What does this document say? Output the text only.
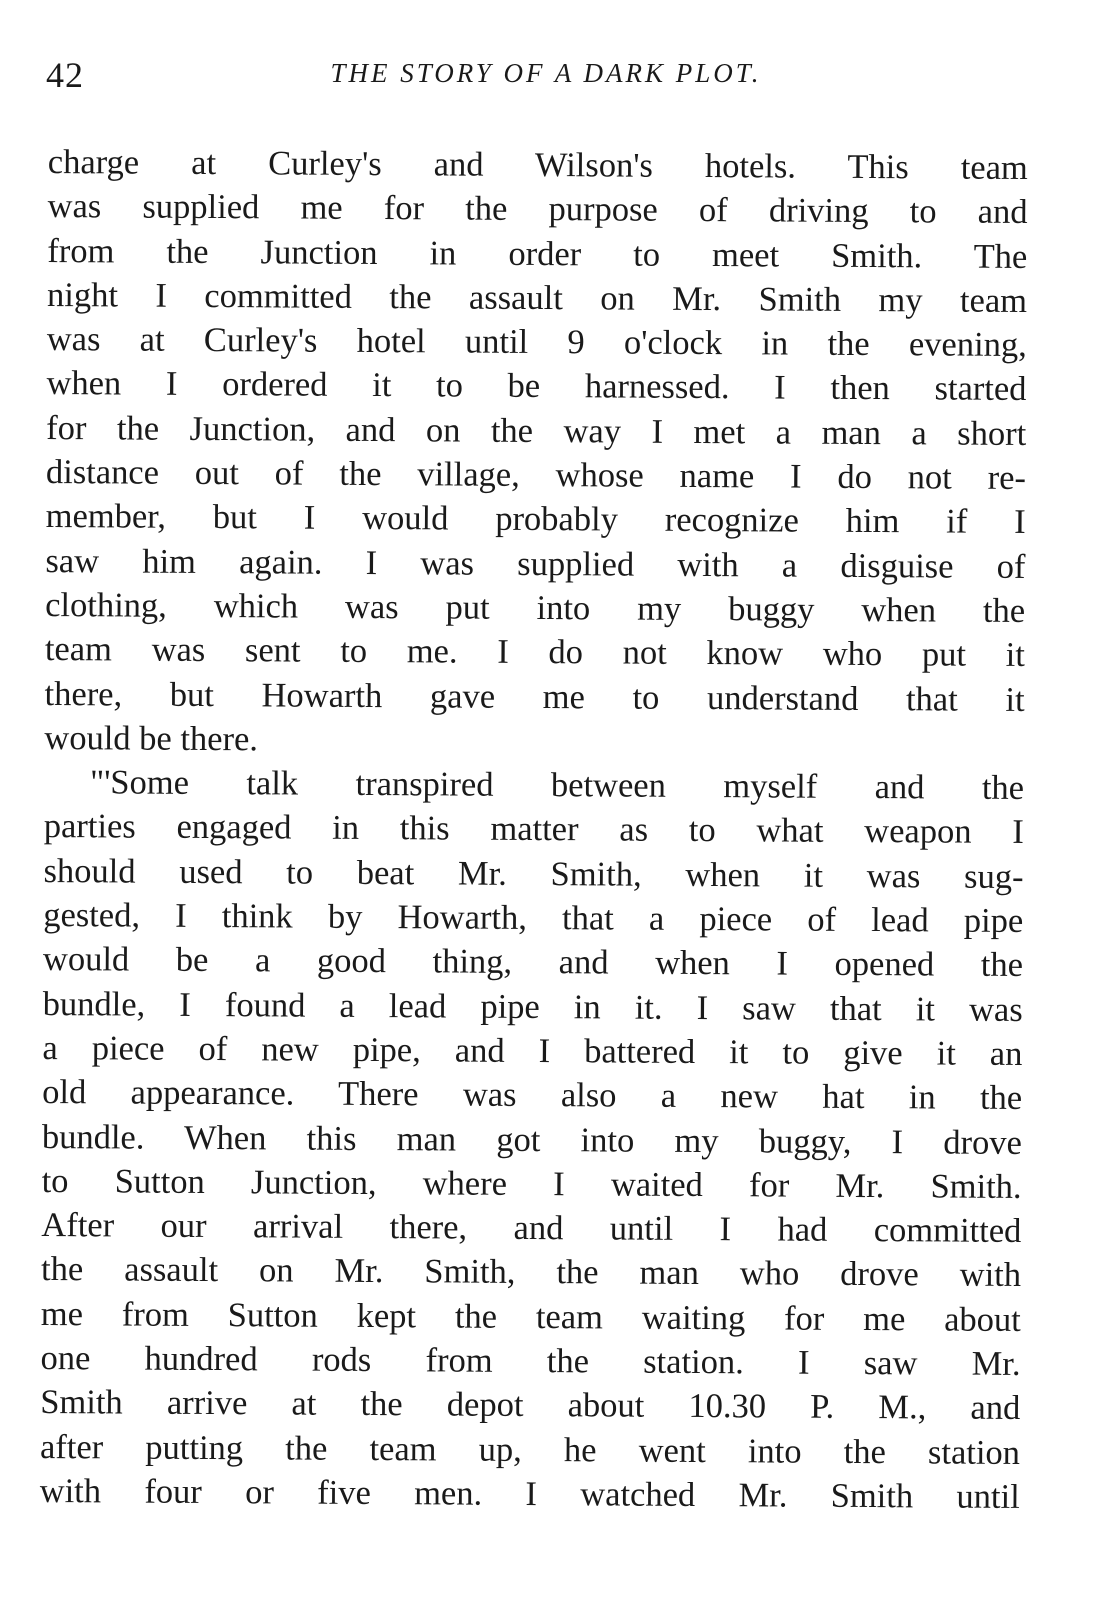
42	THE STORY OF A DARK PLOT.
charge at Curley's and Wilson's hotels. This team
was supplied me for the purpose of driving to and
from the Junction in order to meet Smith. The
night I committed the assault on Mr. Smith my team
was at Curley's hotel until 9 o'clock in the evening,
when I ordered it to be harnessed. I then started
for the Junction, and on the way I met a man a short
distance out of the village, whose name I do not re-
member, but I would probably recognize him if I
saw him again. I was supplied with a disguise of
clothing, which was put into my buggy when the
team was sent to me. I do not know who put it
there, but Howarth gave me to understand that it
would be there.
"'Some talk transpired between myself and the
parties engaged in this matter as to what weapon I
should used to beat Mr. Smith, when it was sug-
gested, I think by Howarth, that a piece of lead pipe
would be a good thing, and when I opened the
bundle, I found a lead pipe in it. I saw that it was
a piece of new pipe, and I battered it to give it an
old appearance. There was also a new hat in the
bundle. When this man got into my buggy, I drove
to Sutton Junction, where I waited for Mr. Smith.
After our arrival there, and until I had committed
the assault on Mr. Smith, the man who drove with
me from Sutton kept the team waiting for me about
one hundred rods from the station. I saw Mr.
Smith arrive at the depot about 10.30 P. M., and
after putting the team up, he went into the station
with four or five men. I watched Mr. Smith until
